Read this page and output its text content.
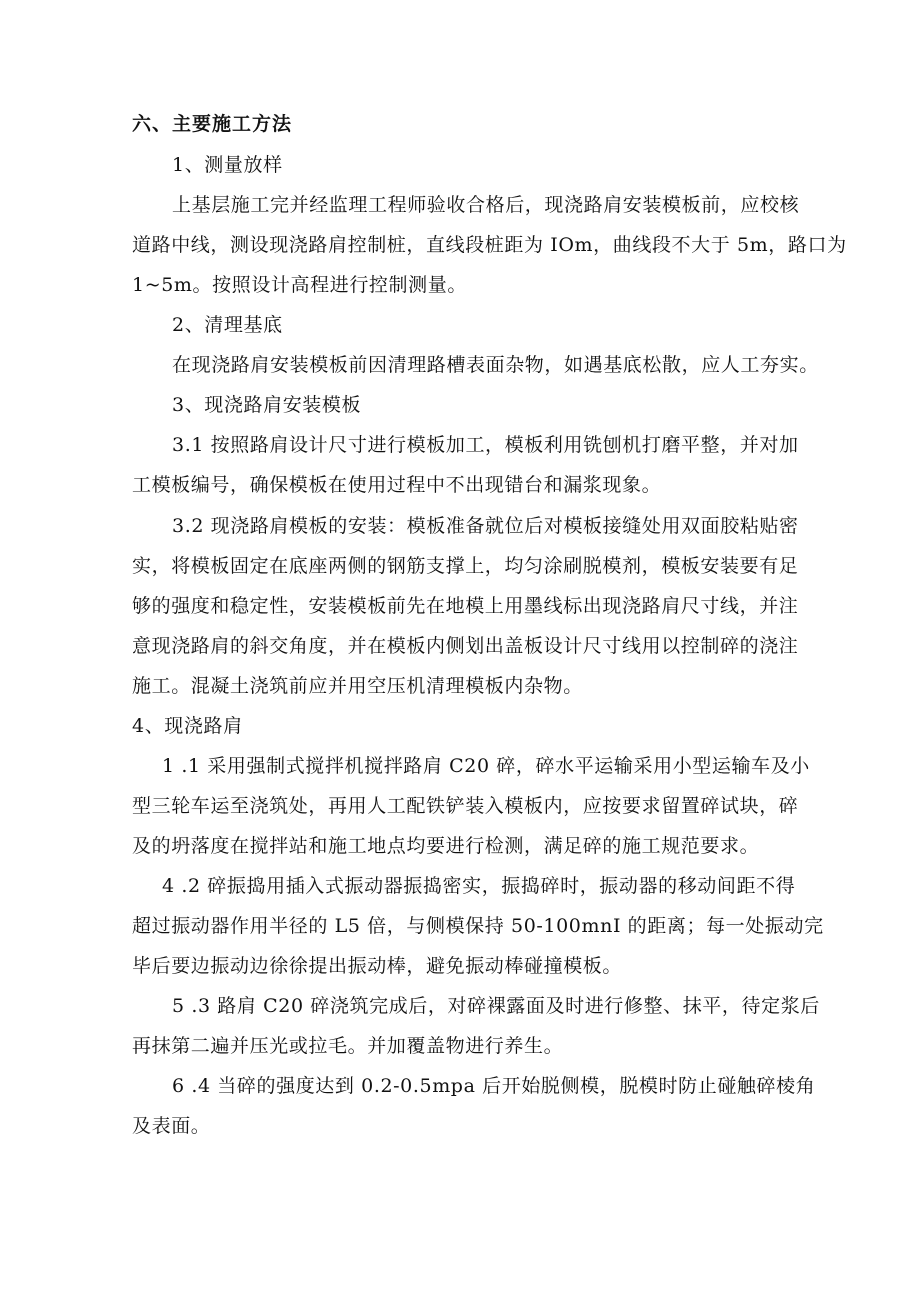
六、主要施工方法
1、测量放样
上基层施工完并经监理工程师验收合格后，现浇路肩安装模板前，应校核
道路中线，测设现浇路肩控制桩，直线段桩距为 IOm，曲线段不大于 5m，路口为
1~5m。按照设计高程进行控制测量。
2、清理基底
在现浇路肩安装模板前因清理路槽表面杂物，如遇基底松散，应人工夯实。
3、现浇路肩安装模板
3.1 按照路肩设计尺寸进行模板加工，模板利用铣刨机打磨平整，并对加
工模板编号，确保模板在使用过程中不出现错台和漏浆现象。
3.2 现浇路肩模板的安装：模板准备就位后对模板接缝处用双面胶粘贴密
实，将模板固定在底座两侧的钢筋支撑上，均匀涂刷脱模剂，模板安装要有足
够的强度和稳定性，安装模板前先在地模上用墨线标出现浇路肩尺寸线，并注
意现浇路肩的斜交角度，并在模板内侧划出盖板设计尺寸线用以控制碎的浇注
施工。混凝土浇筑前应并用空压机清理模板内杂物。
4、现浇路肩
1 .1 采用强制式搅拌机搅拌路肩 C20 碎，碎水平运输采用小型运输车及小
型三轮车运至浇筑处，再用人工配铁铲装入模板内，应按要求留置碎试块，碎
及的坍落度在搅拌站和施工地点均要进行检测，满足碎的施工规范要求。
4 .2 碎振捣用插入式振动器振捣密实，振捣碎时，振动器的移动间距不得
超过振动器作用半径的 L5 倍，与侧模保持 50-100mnI 的距离；每一处振动完
毕后要边振动边徐徐提出振动棒，避免振动棒碰撞模板。
5 .3 路肩 C20 碎浇筑完成后，对碎裸露面及时进行修整、抹平，待定浆后
再抹第二遍并压光或拉毛。并加覆盖物进行养生。
6 .4 当碎的强度达到 0.2-0.5mpa 后开始脱侧模，脱模时防止碰触碎棱角
及表面。
